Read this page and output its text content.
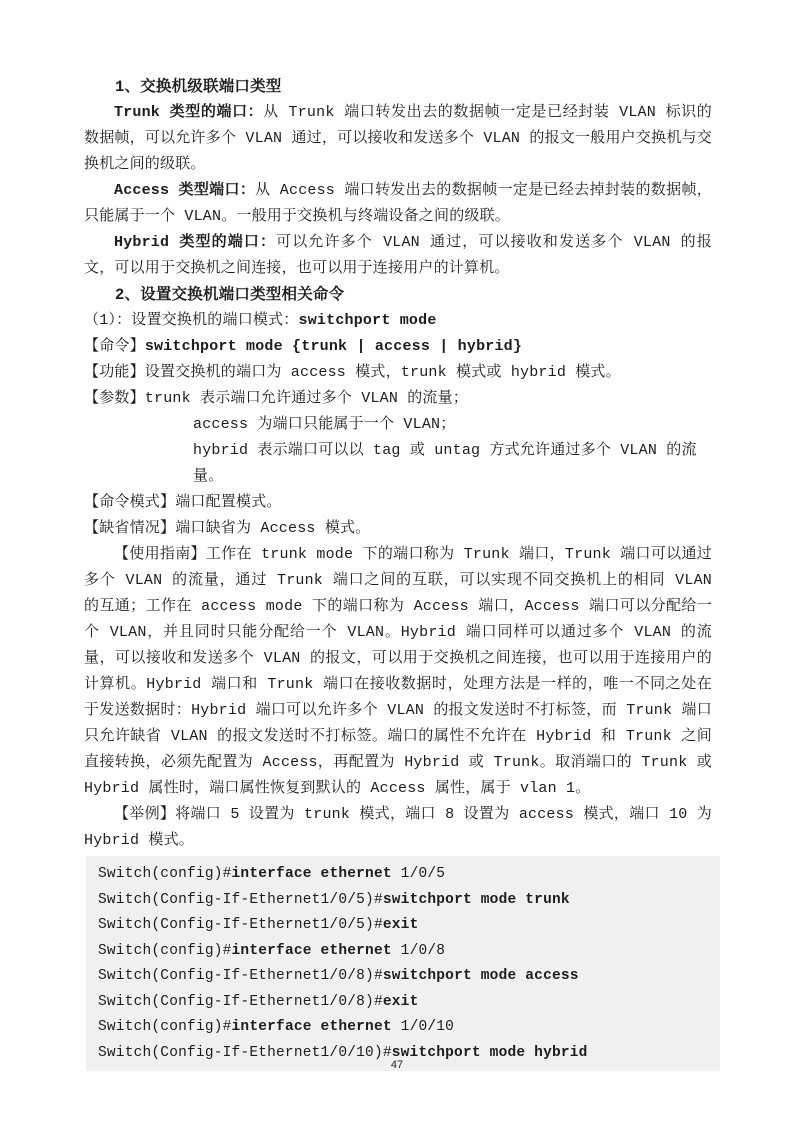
1、交换机级联端口类型
Trunk 类型的端口：从 Trunk 端口转发出去的数据帧一定是已经封装 VLAN 标识的数据帧，可以允许多个 VLAN 通过，可以接收和发送多个 VLAN 的报文一般用户交换机与交换机之间的级联。
Access 类型端口：从 Access 端口转发出去的数据帧一定是已经去掉封装的数据帧，只能属于一个 VLAN。一般用于交换机与终端设备之间的级联。
Hybrid 类型的端口：可以允许多个 VLAN 通过，可以接收和发送多个 VLAN 的报文，可以用于交换机之间连接，也可以用于连接用户的计算机。
2、设置交换机端口类型相关命令
（1）：设置交换机的端口模式：switchport mode
【命令】switchport mode {trunk | access | hybrid}
【功能】设置交换机的端口为 access 模式，trunk 模式或 hybrid 模式。
【参数】trunk 表示端口允许通过多个 VLAN 的流量；
access 为端口只能属于一个 VLAN；
hybrid 表示端口可以以 tag 或 untag 方式允许通过多个 VLAN 的流量。
【命令模式】端口配置模式。
【缺省情况】端口缺省为 Access 模式。
【使用指南】工作在 trunk mode 下的端口称为 Trunk 端口，Trunk 端口可以通过多个 VLAN 的流量，通过 Trunk 端口之间的互联，可以实现不同交换机上的相同 VLAN 的互通；工作在 access mode 下的端口称为 Access 端口，Access 端口可以分配给一个 VLAN，并且同时只能分配给一个 VLAN。Hybrid 端口同样可以通过多个 VLAN 的流量，可以接收和发送多个 VLAN 的报文，可以用于交换机之间连接，也可以用于连接用户的计算机。Hybrid 端口和 Trunk 端口在接收数据时，处理方法是一样的，唯一不同之处在于发送数据时：Hybrid 端口可以允许多个 VLAN 的报文发送时不打标签，而 Trunk 端口只允许缺省 VLAN 的报文发送时不打标签。端口的属性不允许在 Hybrid 和 Trunk 之间直接转换，必须先配置为 Access，再配置为 Hybrid 或 Trunk。取消端口的 Trunk 或 Hybrid 属性时，端口属性恢复到默认的 Access 属性，属于 vlan 1。
【举例】将端口 5 设置为 trunk 模式，端口 8 设置为 access 模式，端口 10 为 Hybrid 模式。
Switch(config)#interface ethernet 1/0/5
Switch(Config-If-Ethernet1/0/5)#switchport mode trunk
Switch(Config-If-Ethernet1/0/5)#exit
Switch(config)#interface ethernet 1/0/8
Switch(Config-If-Ethernet1/0/8)#switchport mode access
Switch(Config-If-Ethernet1/0/8)#exit
Switch(config)#interface ethernet 1/0/10
Switch(Config-If-Ethernet1/0/10)#switchport mode hybrid
47
